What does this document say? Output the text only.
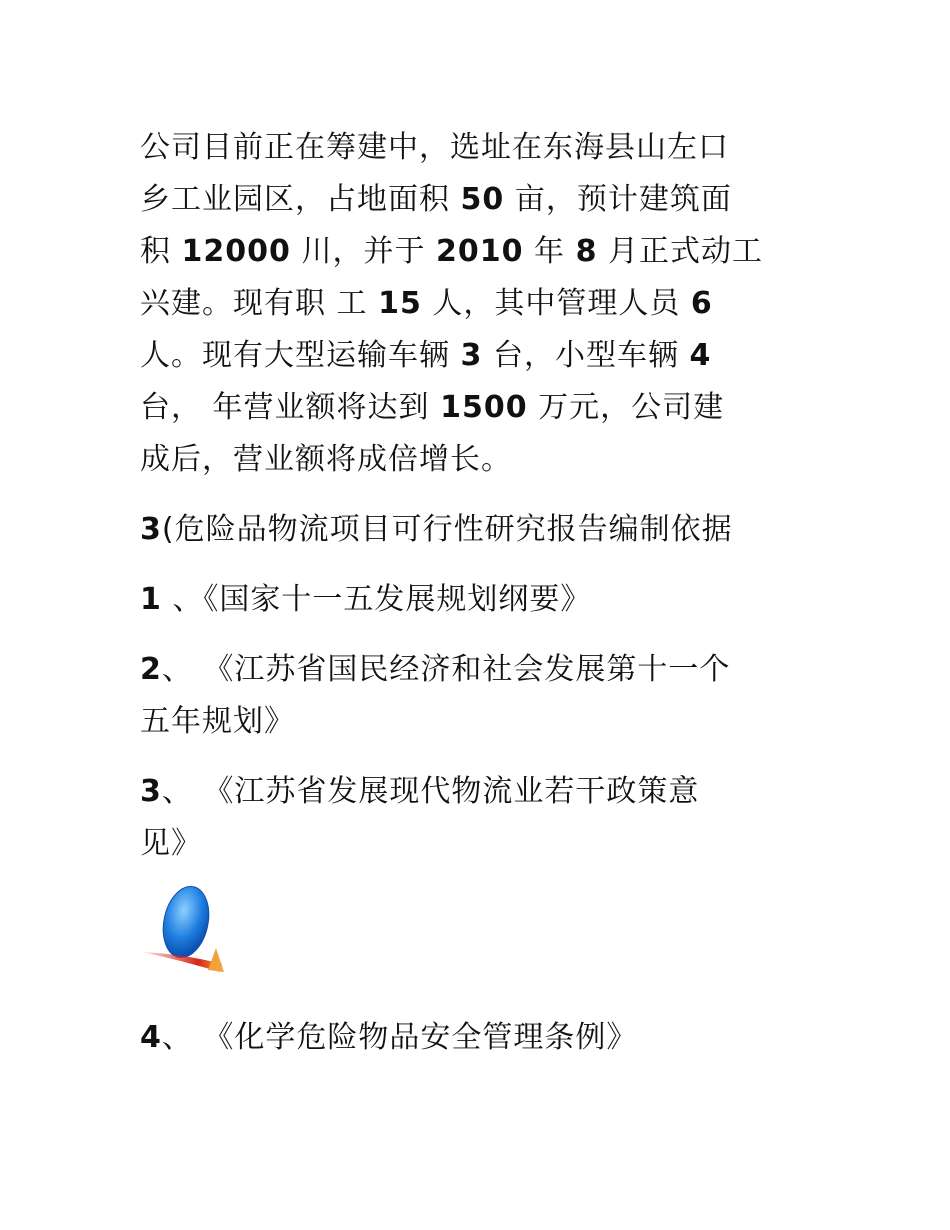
公司目前正在筹建中，选址在东海县山左口
乡工业园区，占地面积 50 亩，预计建筑面
积 12000 川，并于 2010 年 8 月正式动工
兴建。现有职 工 15 人，其中管理人员 6
人。现有大型运输车辆 3 台，小型车辆 4
台， 年营业额将达到 1500 万元，公司建
成后，营业额将成倍增长。
3(危险品物流项目可行性研究报告编制依据
1 、《国家十一五发展规划纲要》
2、 《江苏省国民经济和社会发展第十一个
五年规划》
3、 《江苏省发展现代物流业若干政策意
见》
4、 《化学危险物品安全管理条例》
